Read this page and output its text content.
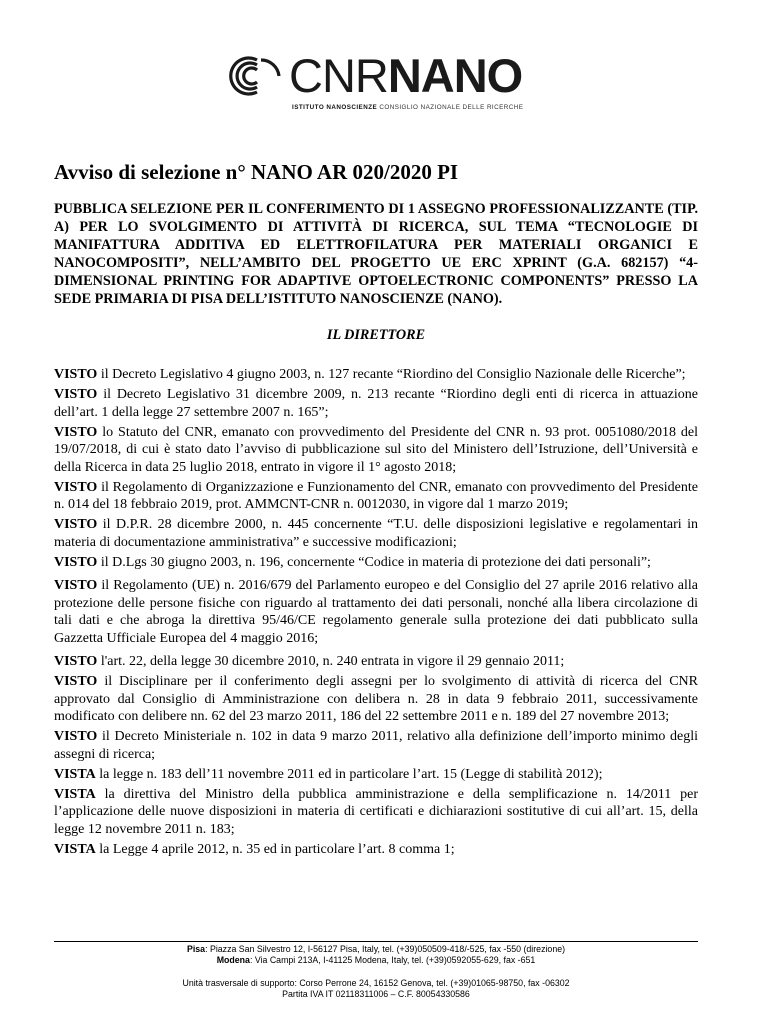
CNRNANO
ISTITUTO NANOSCIENZE CONSIGLIO NAZIONALE DELLE RICERCHE
Avviso di selezione n° NANO AR 020/2020 PI

PUBBLICA SELEZIONE PER IL CONFERIMENTO DI 1 ASSEGNO PROFESSIONALIZZANTE (TIP. A) PER LO SVOLGIMENTO DI ATTIVITÀ DI RICERCA, SUL TEMA “TECNOLOGIE DI MANIFATTURA ADDITIVA ED ELETTROFILATURA PER MATERIALI ORGANICI E NANOCOMPOSITI”, NELL’AMBITO DEL PROGETTO UE ERC XPRINT (G.A. 682157) “4-DIMENSIONAL PRINTING FOR ADAPTIVE OPTOELECTRONIC COMPONENTS” PRESSO LA SEDE PRIMARIA DI PISA DELL’ISTITUTO NANOSCIENZE (NANO).

IL DIRETTORE

VISTO il Decreto Legislativo 4 giugno 2003, n. 127 recante “Riordino del Consiglio Nazionale delle Ricerche”;

VISTO il Decreto Legislativo 31 dicembre 2009, n. 213 recante “Riordino degli enti di ricerca in attuazione dell’art. 1 della legge 27 settembre 2007 n. 165”;

VISTO lo Statuto del CNR, emanato con provvedimento del Presidente del CNR n. 93 prot. 0051080/2018 del 19/07/2018, di cui è stato dato l’avviso di pubblicazione sul sito del Ministero dell’Istruzione, dell’Università e della Ricerca in data 25 luglio 2018, entrato in vigore il 1° agosto 2018;

VISTO il Regolamento di Organizzazione e Funzionamento del CNR, emanato con provvedimento del Presidente n. 014 del 18 febbraio 2019, prot. AMMCNT-CNR n. 0012030, in vigore dal 1 marzo 2019;

VISTO il D.P.R. 28 dicembre 2000, n. 445 concernente “T.U. delle disposizioni legislative e regolamentari in materia di documentazione amministrativa” e successive modificazioni;

VISTO il D.Lgs 30 giugno 2003, n. 196, concernente “Codice in materia di protezione dei dati personali”;

VISTO il Regolamento (UE) n. 2016/679 del Parlamento europeo e del Consiglio del 27 aprile 2016 relativo alla protezione delle persone fisiche con riguardo al trattamento dei dati personali, nonché alla libera circolazione di tali dati e che abroga la direttiva 95/46/CE regolamento generale sulla protezione dei dati pubblicato sulla Gazzetta Ufficiale Europea del 4 maggio 2016;

VISTO l'art. 22, della legge 30 dicembre 2010, n. 240 entrata in vigore il 29 gennaio 2011;

VISTO il Disciplinare per il conferimento degli assegni per lo svolgimento di attività di ricerca del CNR approvato dal Consiglio di Amministrazione con delibera n. 28 in data 9 febbraio 2011, successivamente modificato con delibere nn. 62 del 23 marzo 2011, 186 del 22 settembre 2011 e n. 189 del 27 novembre 2013;

VISTO il Decreto Ministeriale n. 102 in data 9 marzo 2011, relativo alla definizione dell’importo minimo degli assegni di ricerca;

VISTA la legge n. 183 dell’11 novembre 2011 ed in particolare l’art. 15 (Legge di stabilità 2012);

VISTA la direttiva del Ministro della pubblica amministrazione e della semplificazione n. 14/2011 per l’applicazione delle nuove disposizioni in materia di certificati e dichiarazioni sostitutive di cui all’art. 15, della legge 12 novembre 2011 n. 183;

VISTA la Legge 4 aprile 2012, n. 35 ed in particolare l’art. 8 comma 1;

Pisa: Piazza San Silvestro 12, I-56127 Pisa, Italy, tel. (+39)050509-418/-525, fax -550 (direzione)
Modena: Via Campi 213A, I-41125 Modena, Italy, tel. (+39)0592055-629, fax -651
Unità trasversale di supporto: Corso Perrone 24, 16152 Genova, tel. (+39)01065-98750, fax -06302
Partita IVA IT 02118311006 – C.F. 80054330586
